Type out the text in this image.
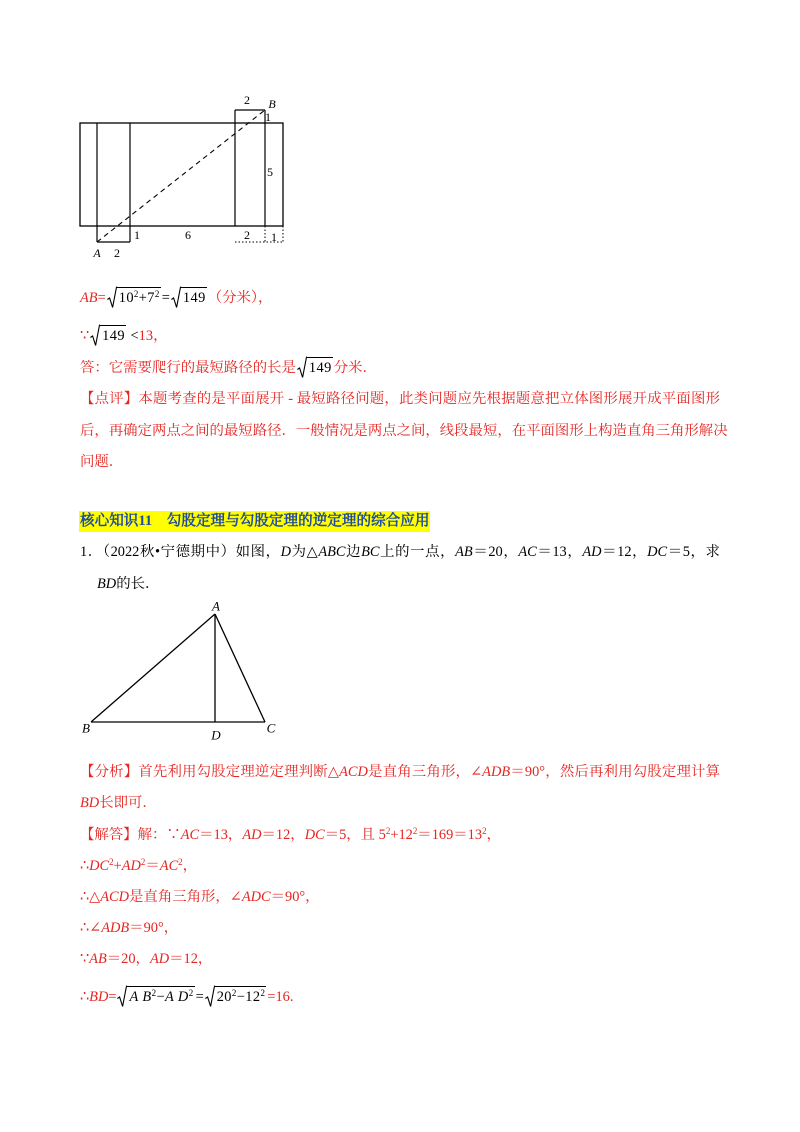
2 B
1
5
A 2
1	6	2 1
$AB= 10^2+7^2 = 149$ （分米），
∵ 149 <13，
答：它需要爬行的最短路径的长是 149 分米．
【点评】本题考查的是平面展开 - 最短路径问题，此类问题应先根据题意把立体图形展开成平面图形
后，再确定两点之间的最短路径．一般情况是两点之间，线段最短，在平面图形上构造直角三角形解决
问题．
核心知识11　勾股定理与勾股定理的逆定理的综合应用
1．（2022秋•宁德期中）如图，D为△ABC边BC上的一点，AB＝20，AC＝13，AD＝12，DC＝5，求
BD的长．
A
B	C
D
【分析】首先利用勾股定理逆定理判断△ACD是直角三角形，∠ADB＝90°，然后再利用勾股定理计算
BD长即可．
【解答】解：∵AC＝13，AD＝12，DC＝5，且 $5^2+12^2=169=13^2$，
$\therefore DC^2+AD^2=AC^2$，
∴△ACD是直角三角形，∠ADC＝90°，
∴∠ADB＝90°，
∵AB＝20，AD＝12，
∴BD= A $B^2-A$ $D^2 = 20^2-12^2 =16$.
